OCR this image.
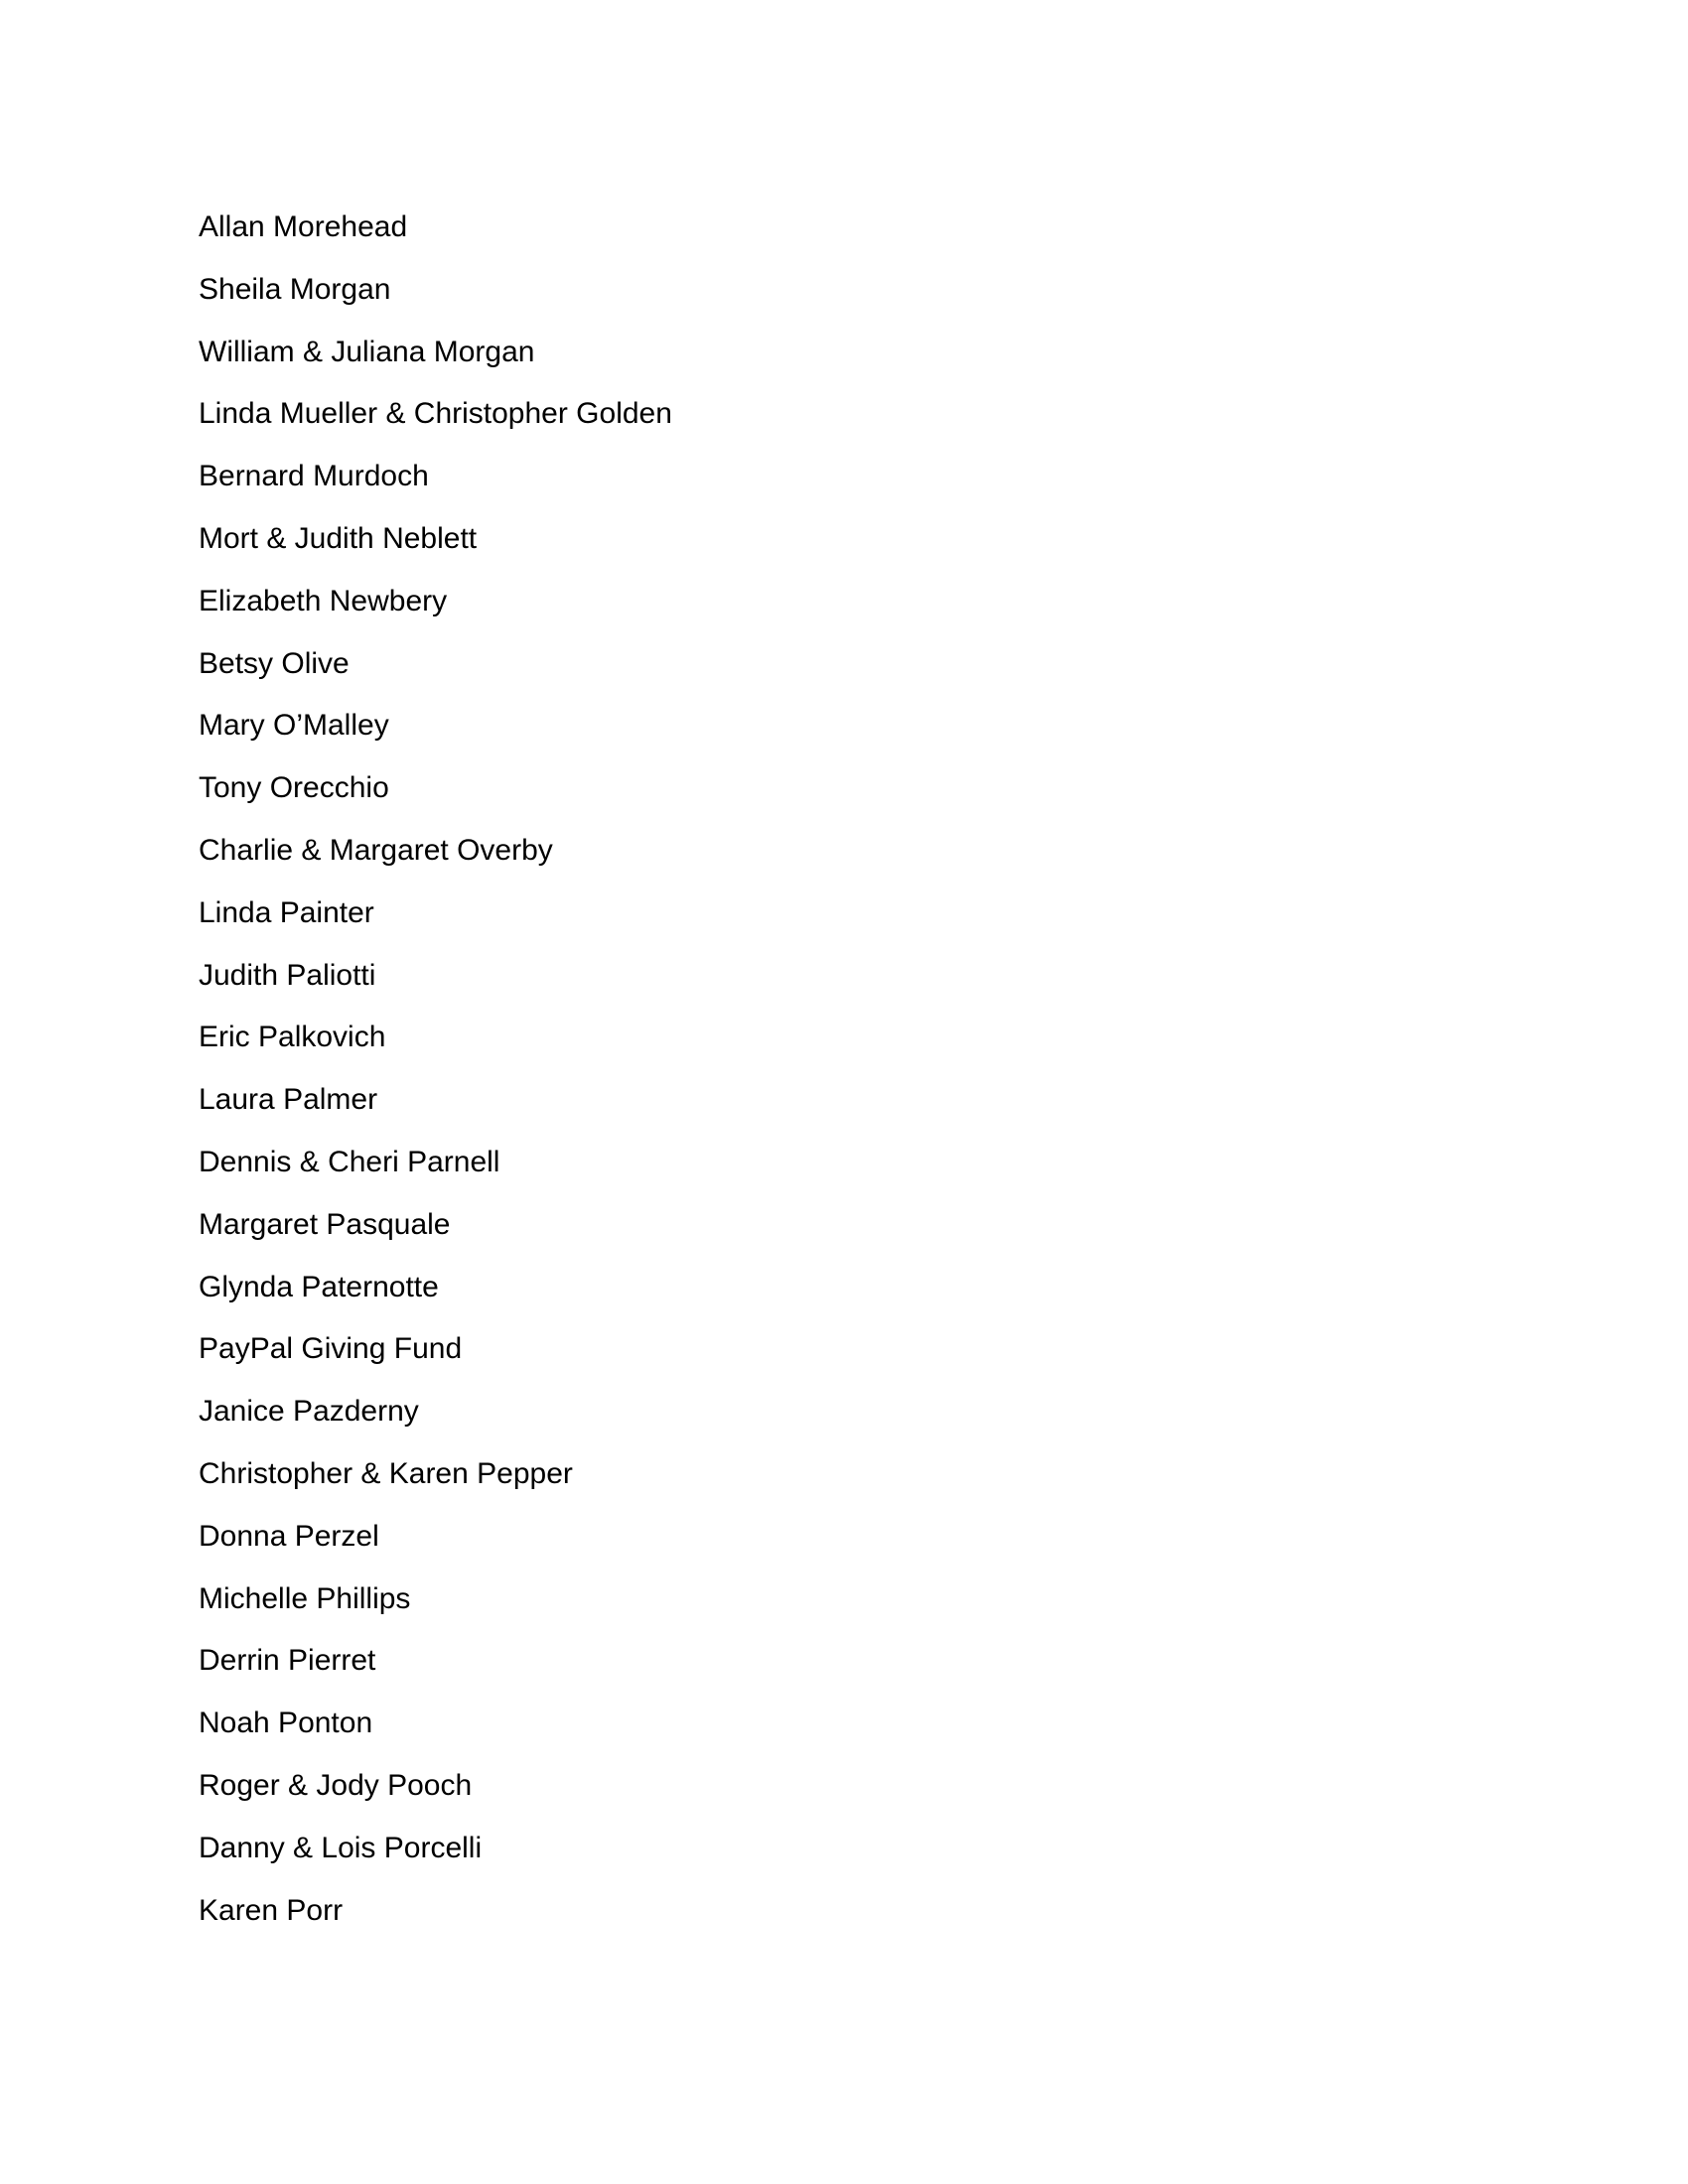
Allan Morehead
Sheila Morgan
William & Juliana Morgan
Linda Mueller & Christopher Golden
Bernard Murdoch
Mort & Judith Neblett
Elizabeth Newbery
Betsy Olive
Mary O’Malley
Tony Orecchio
Charlie & Margaret Overby
Linda Painter
Judith Paliotti
Eric Palkovich
Laura Palmer
Dennis & Cheri Parnell
Margaret Pasquale
Glynda Paternotte
PayPal Giving Fund
Janice Pazderny
Christopher & Karen Pepper
Donna Perzel
Michelle Phillips
Derrin Pierret
Noah Ponton
Roger & Jody Pooch
Danny & Lois Porcelli
Karen Porr
